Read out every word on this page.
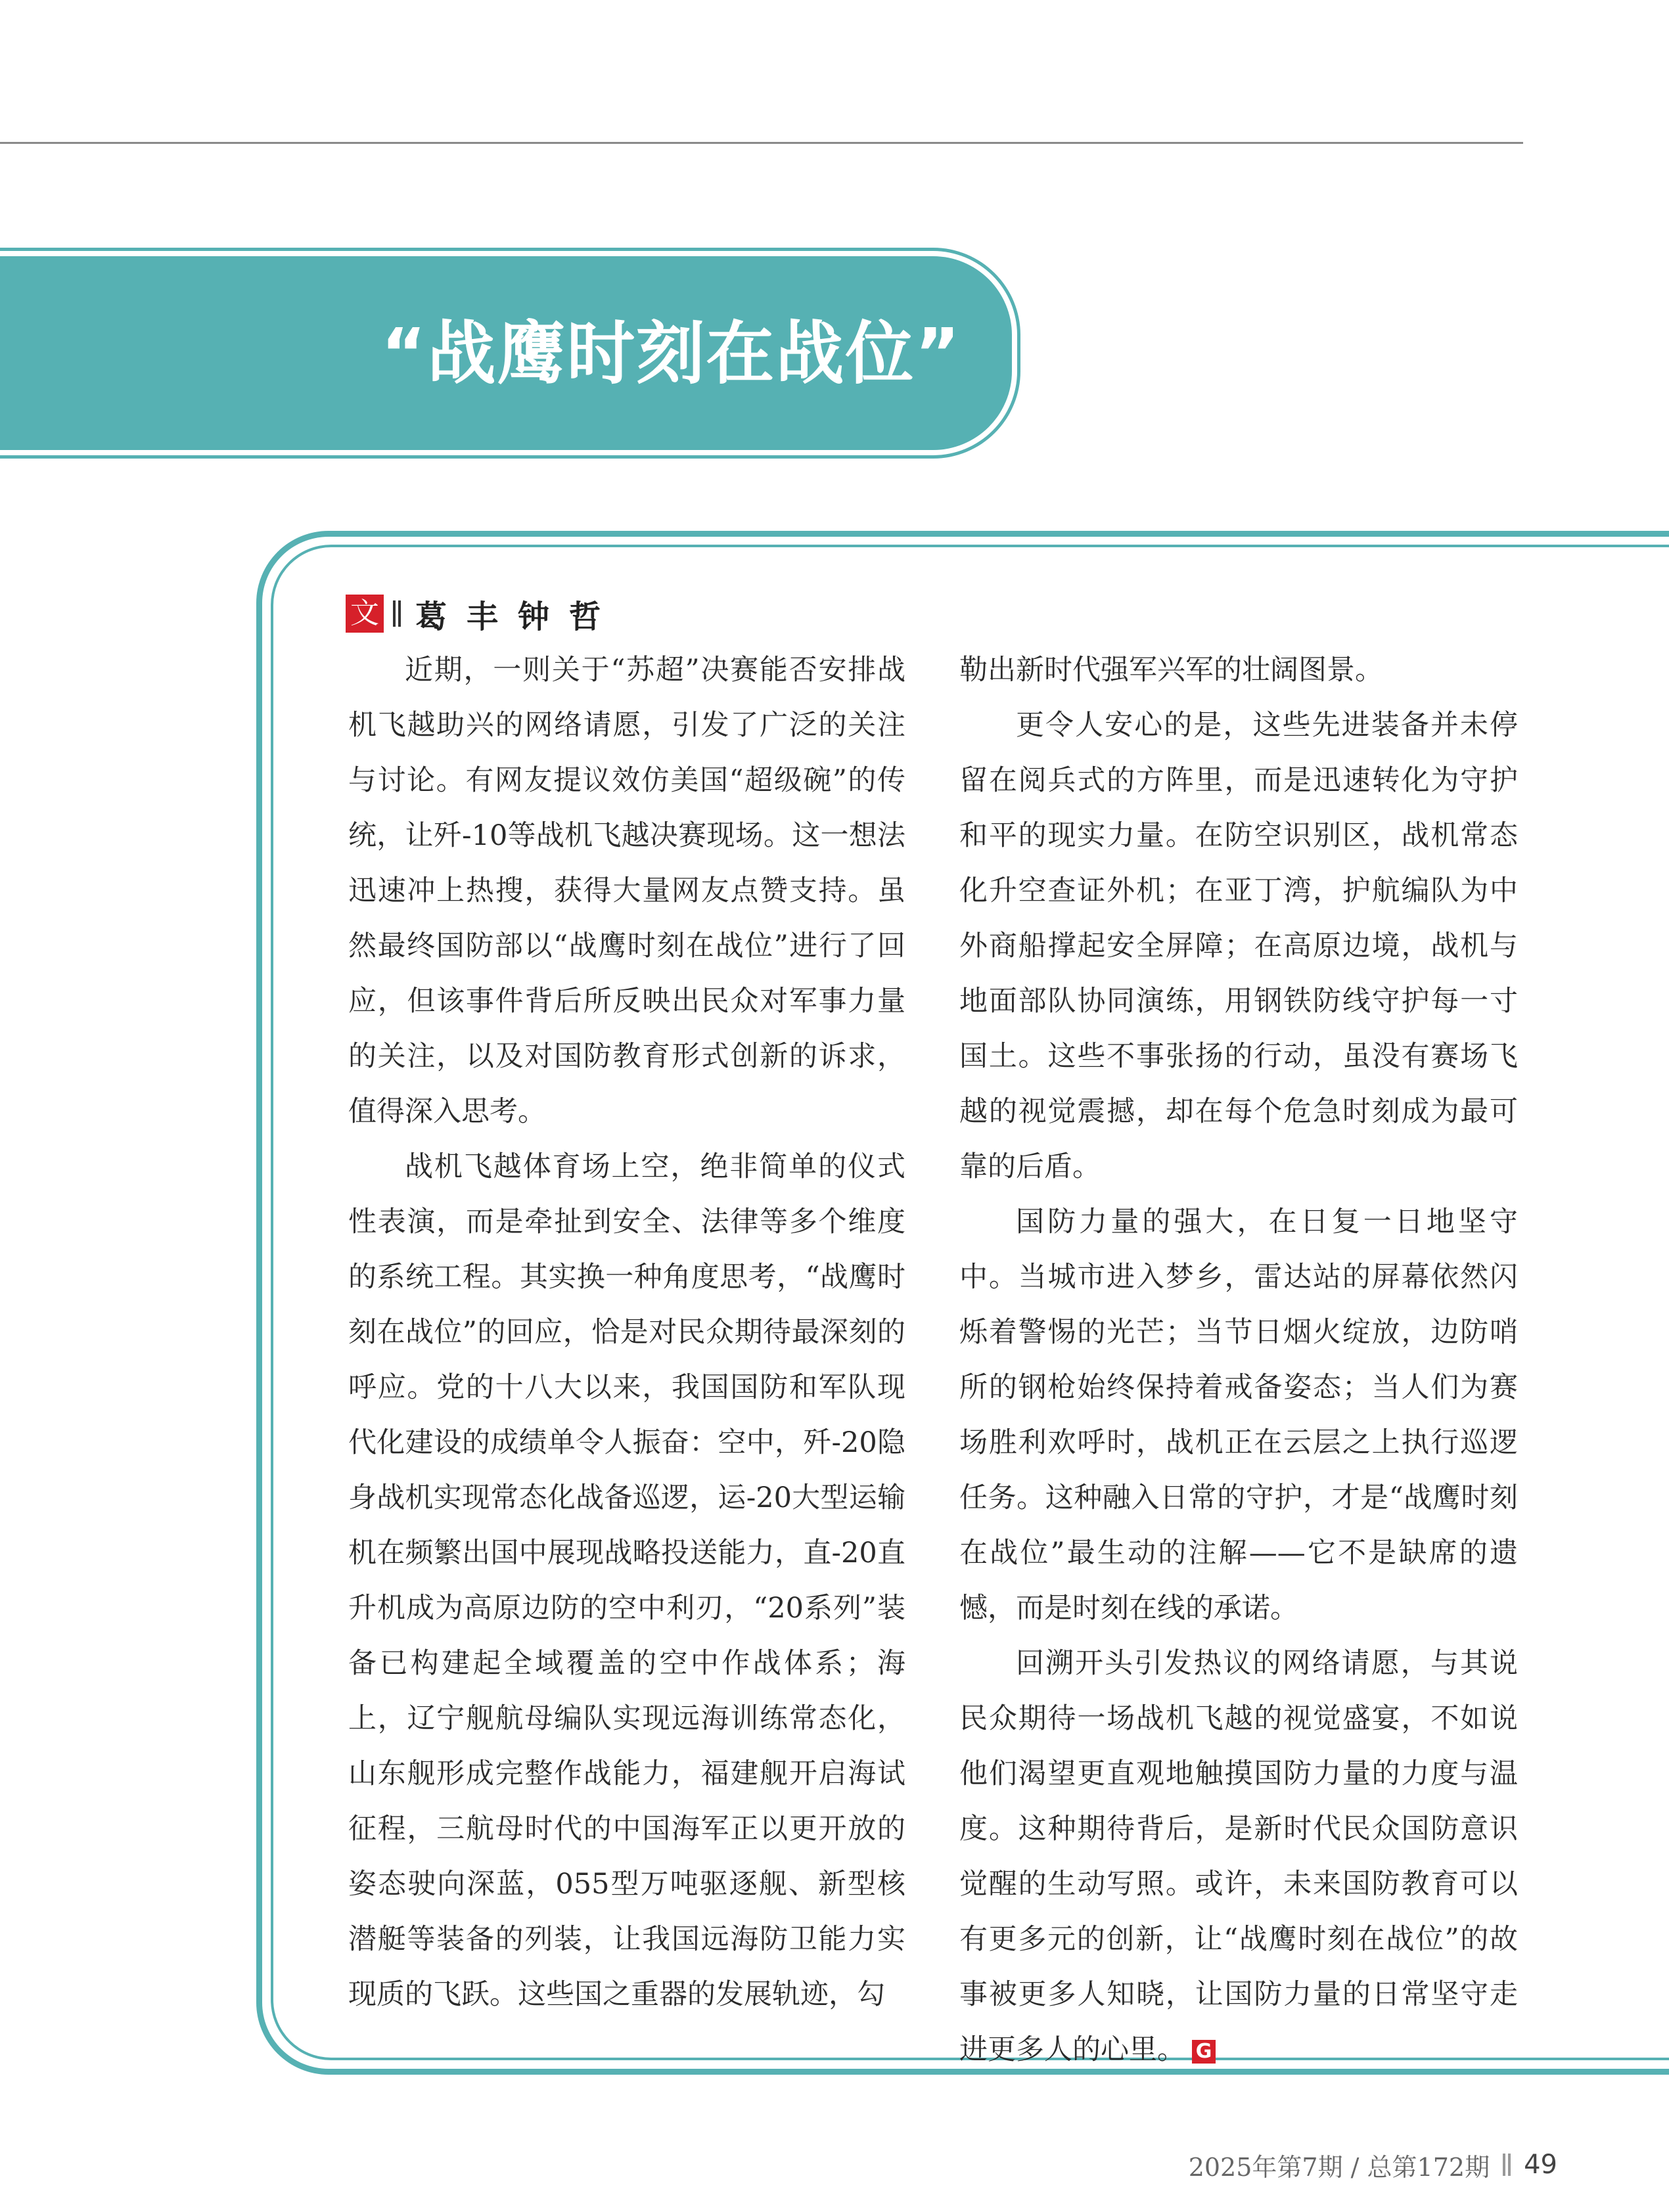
“战鹰时刻在战位”
文 葛丰钟哲

近期，一则关于“苏超”决赛能否安排战机飞越助兴的网络请愿，引发了广泛的关注与讨论。有网友提议效仿美国“超级碗”的传统，让歼-10等战机飞越决赛现场。这一想法迅速冲上热搜，获得大量网友点赞支持。虽然最终国防部以“战鹰时刻在战位”进行了回应，但该事件背后所反映出民众对军事力量的关注，以及对国防教育形式创新的诉求，值得深入思考。

战机飞越体育场上空，绝非简单的仪式性表演，而是牵扯到安全、法律等多个维度的系统工程。其实换一种角度思考，“战鹰时刻在战位”的回应，恰是对民众期待最深刻的呼应。党的十八大以来，我国国防和军队现代化建设的成绩单令人振奋：空中，歼-20隐身战机实现常态化战备巡逻，运-20大型运输机在频繁出国中展现战略投送能力，直-20直升机成为高原边防的空中利刃，“20系列”装备已构建起全域覆盖的空中作战体系；海上，辽宁舰航母编队实现远海训练常态化，山东舰形成完整作战能力，福建舰开启海试征程，三航母时代的中国海军正以更开放的姿态驶向深蓝，055型万吨驱逐舰、新型核潜艇等装备的列装，让我国远海防卫能力实现质的飞跃。这些国之重器的发展轨迹，勾

勒出新时代强军兴军的壮阔图景。

更令人安心的是，这些先进装备并未停留在阅兵式的方阵里，而是迅速转化为守护和平的现实力量。在防空识别区，战机常态化升空查证外机；在亚丁湾，护航编队为中外商船撑起安全屏障；在高原边境，战机与地面部队协同演练，用钢铁防线守护每一寸国土。这些不事张扬的行动，虽没有赛场飞越的视觉震撼，却在每个危急时刻成为最可靠的后盾。

国防力量的强大，在日复一日地坚守中。当城市进入梦乡，雷达站的屏幕依然闪烁着警惕的光芒；当节日烟火绽放，边防哨所的钢枪始终保持着戒备姿态；当人们为赛场胜利欢呼时，战机正在云层之上执行巡逻任务。这种融入日常的守护，才是“战鹰时刻在战位”最生动的注解——它不是缺席的遗憾，而是时刻在线的承诺。

回溯开头引发热议的网络请愿，与其说民众期待一场战机飞越的视觉盛宴，不如说他们渴望更直观地触摸国防力量的力度与温度。这种期待背后，是新时代民众国防意识觉醒的生动写照。或许，未来国防教育可以有更多元的创新，让“战鹰时刻在战位”的故事被更多人知晓，让国防力量的日常坚守走进更多人的心里。 G

2025年第7期 / 总第172期 49
